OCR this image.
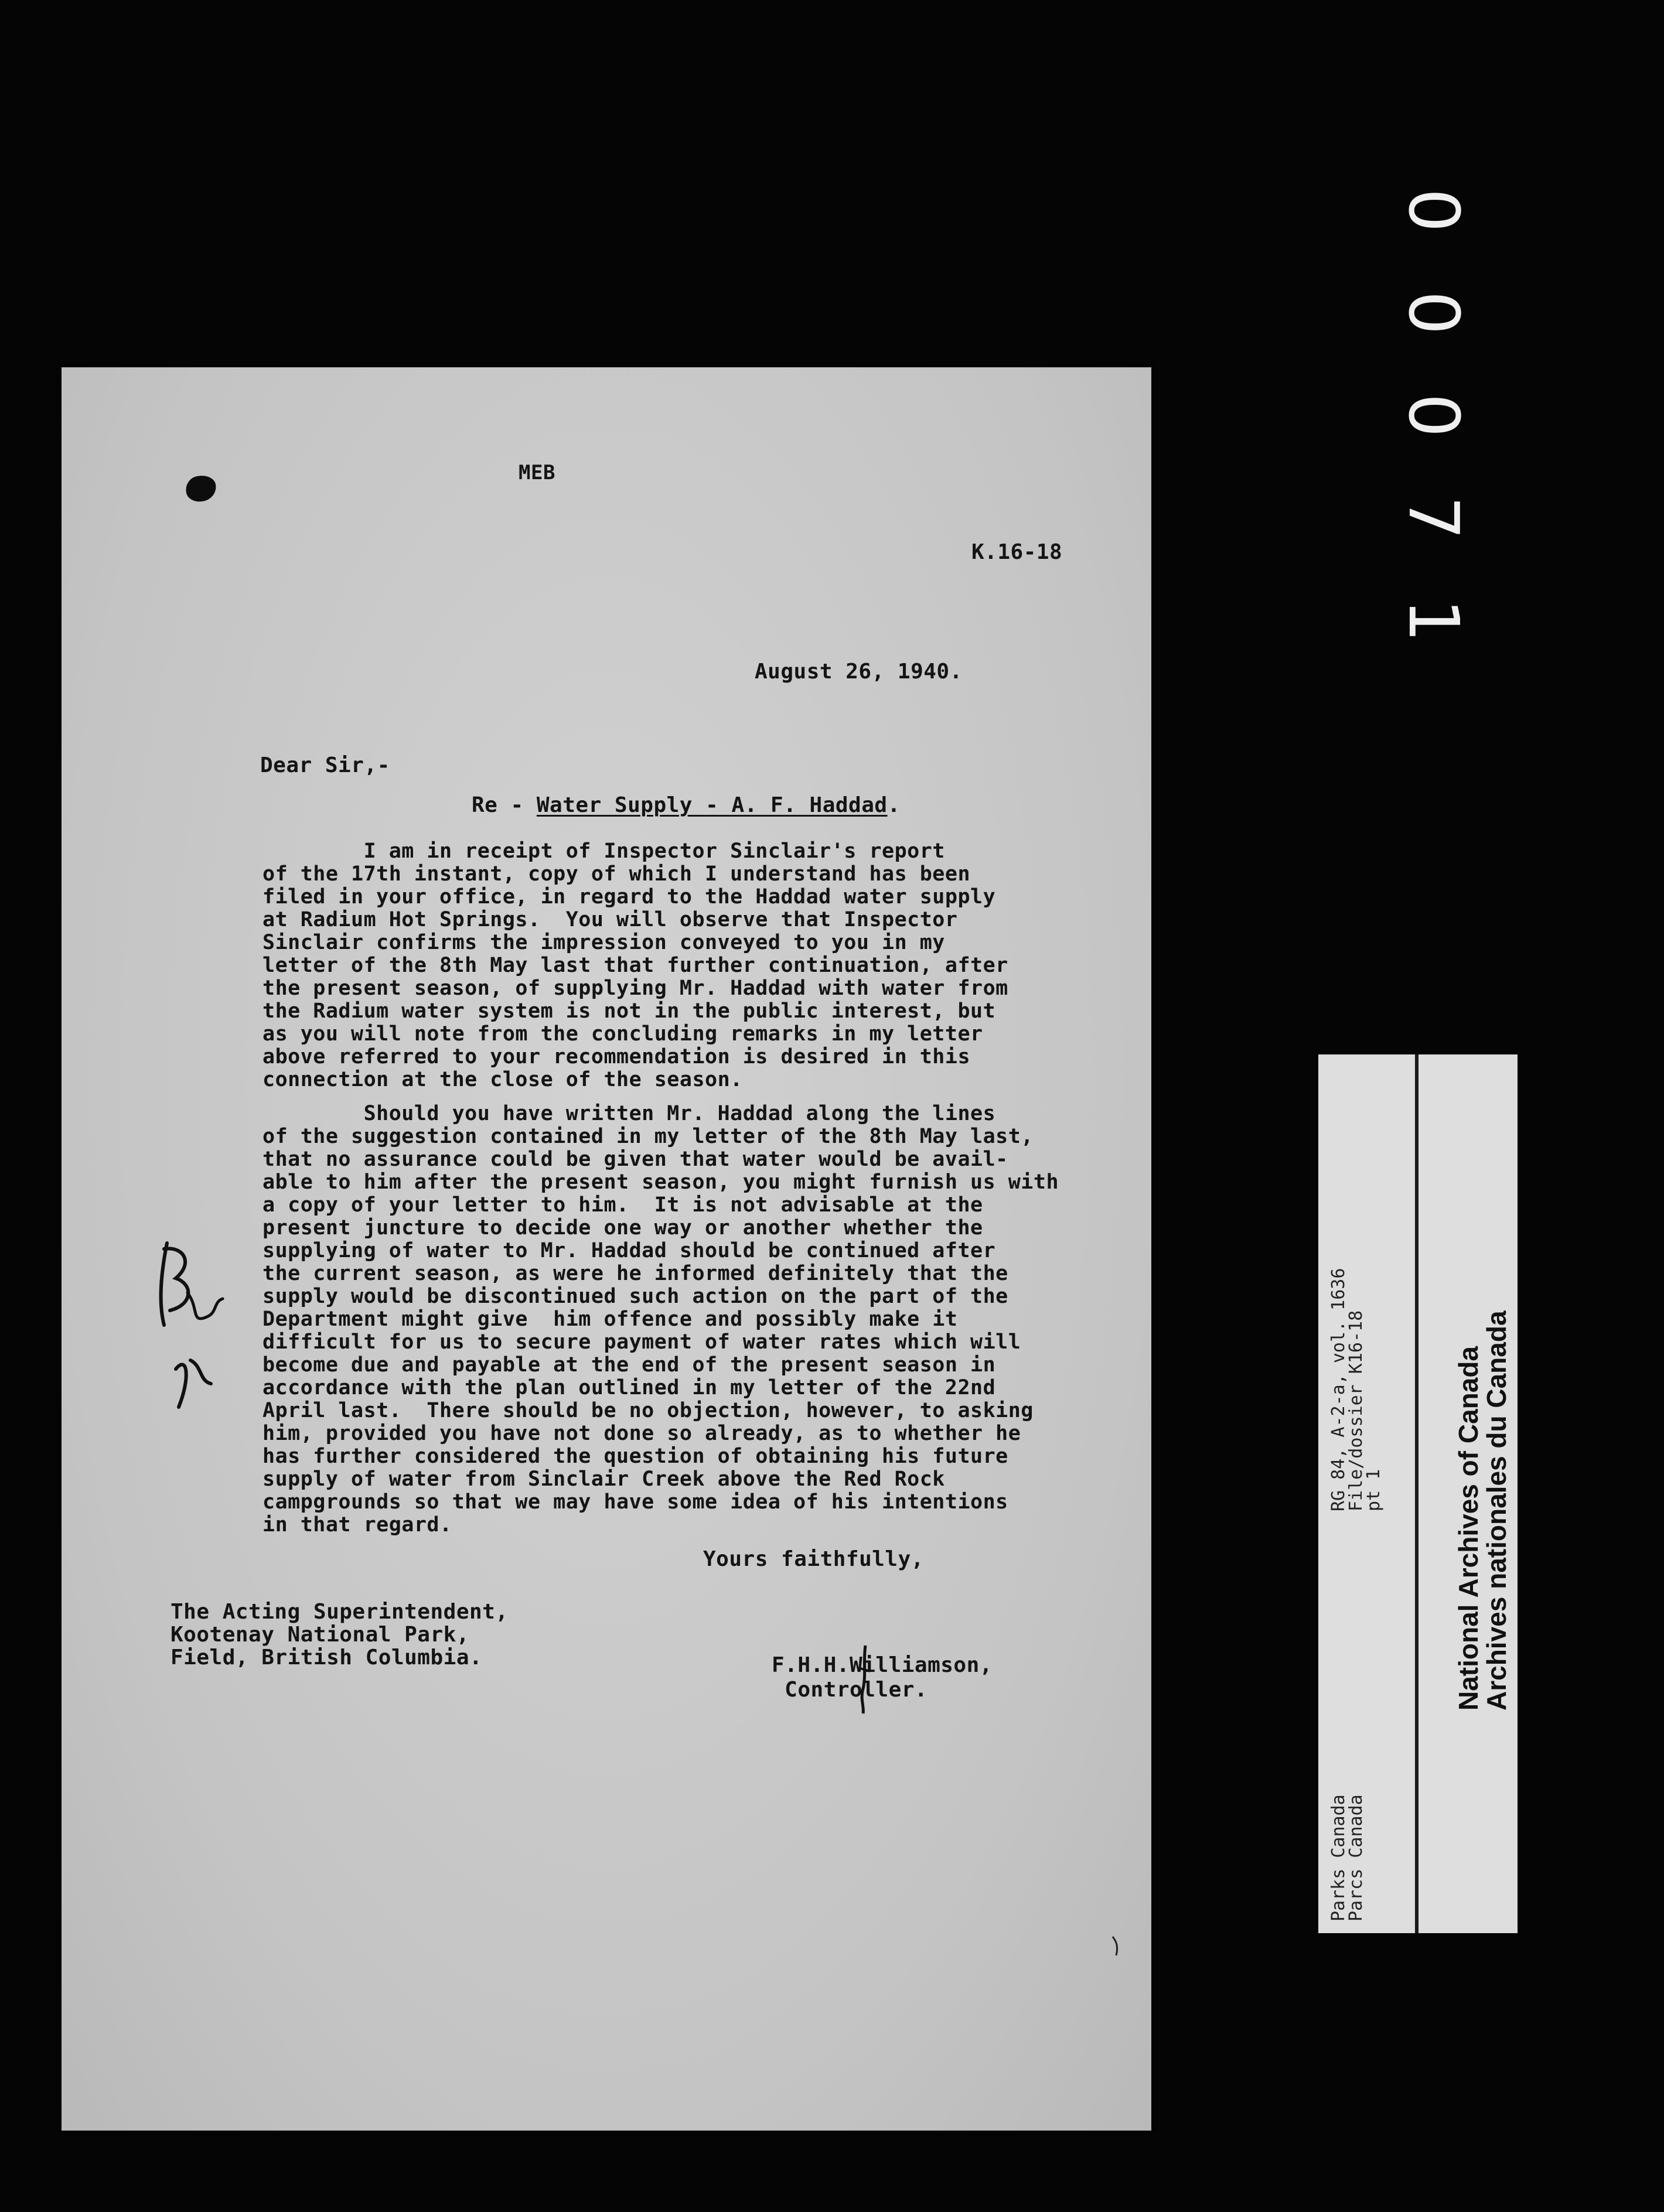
MEB
K.16-18
August 26, 1940.
Dear Sir,-
Re - Water Supply - A. F. Haddad.
I am in receipt of Inspector Sinclair's report
of the 17th instant, copy of which I understand has been
filed in your office, in regard to the Haddad water supply
at Radium Hot Springs.  You will observe that Inspector
Sinclair confirms the impression conveyed to you in my
letter of the 8th May last that further continuation, after
the present season, of supplying Mr. Haddad with water from
the Radium water system is not in the public interest, but
as you will note from the concluding remarks in my letter
above referred to your recommendation is desired in this
connection at the close of the season.
Should you have written Mr. Haddad along the lines
of the suggestion contained in my letter of the 8th May last,
that no assurance could be given that water would be avail-
able to him after the present season, you might furnish us with
a copy of your letter to him.  It is not advisable at the
present juncture to decide one way or another whether the
supplying of water to Mr. Haddad should be continued after
the current season, as were he informed definitely that the
supply would be discontinued such action on the part of the
Department might give  him offence and possibly make it
difficult for us to secure payment of water rates which will
become due and payable at the end of the present season in
accordance with the plan outlined in my letter of the 22nd
April last.  There should be no objection, however, to asking
him, provided you have not done so already, as to whether he
has further considered the question of obtaining his future
supply of water from Sinclair Creek above the Red Rock
campgrounds so that we may have some idea of his intentions
in that regard.
Yours faithfully,
The Acting Superintendent,
Kootenay National Park,
Field, British Columbia.	F.H.H.Williamson,
Controller.
0
0
0
7
1
Parks CanadaRG 84, A-2-a, vol. 1636
Parcs CanadaFile/dossier K16-18
pt 1	National Archives of Canada
Archives nationales du Canada
